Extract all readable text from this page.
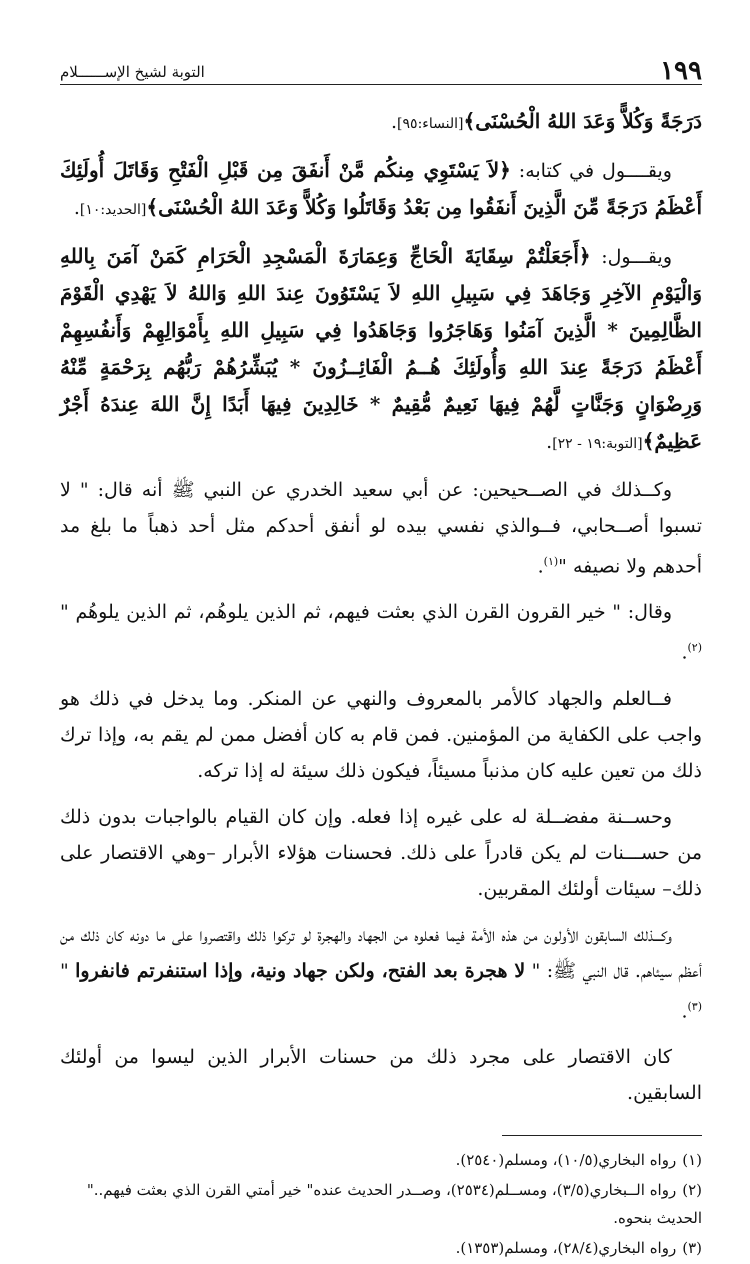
١٩٩
التوبة لشيخ الإســــــلام

دَرَجَةً وَكُلاًّ وَعَدَ اللهُ الْحُسْنَى﴾[النساء:٩٥].

ويقــــول في كتابه: ﴿لاَ يَسْتَوِي مِنكُم مَّنْ أَنفَقَ مِن قَبْلِ الْفَتْحِ وَقَاتَلَ أُولَئِكَ أَعْظَمُ دَرَجَةً مِّنَ الَّذِينَ أَنفَقُوا مِن بَعْدُ وَقَاتَلُوا وَكُلاًّ وَعَدَ اللهُ الْحُسْنَى﴾[الحديد:١٠].

ويقـــول: ﴿أَجَعَلْتُمْ سِقَايَةَ الْحَاجِّ وَعِمَارَةَ الْمَسْجِدِ الْحَرَامِ كَمَنْ آمَنَ بِاللهِ وَالْيَوْمِ الآخِرِ وَجَاهَدَ فِي سَبِيلِ اللهِ لاَ يَسْتَوُونَ عِندَ اللهِ وَاللهُ لاَ يَهْدِي الْقَوْمَ الظَّالِمِينَ * الَّذِينَ آمَنُوا وَهَاجَرُوا وَجَاهَدُوا فِي سَبِيلِ اللهِ بِأَمْوَالِهِمْ وَأَنفُسِهِمْ أَعْظَمُ دَرَجَةً عِندَ اللهِ وَأُولَئِكَ هُــمُ الْفَائِــزُونَ * يُبَشِّرُهُمْ رَبُّهُم بِرَحْمَةٍ مِّنْهُ وَرِضْوَانٍ وَجَنَّاتٍ لَّهُمْ فِيهَا نَعِيمٌ مُّقِيمٌ * خَالِدِينَ فِيهَا أَبَدًا إِنَّ اللهَ عِندَهُ أَجْرٌ عَظِيمٌ﴾[التوبة:١٩ - ٢٢].

وكــذلك في الصــحيحين: عن أبي سعيد الخدري عن النبي ﷺ أنه قال: " لا تسبوا أصــحابي، فــوالذي نفسي بيده لو أنفق أحدكم مثل أحد ذهباً ما بلغ مد أحدهم ولا نصيفه "$^{(١)}$.

وقال: " خير القرون القرن الذي بعثت فيهم، ثم الذين يلوهُم، ثم الذين يلوهُم "$^{(٢)}$.

فــالعلم والجهاد كالأمر بالمعروف والنهي عن المنكر. وما يدخل في ذلك هو واجب على الكفاية من المؤمنين. فمن قام به كان أفضل ممن لم يقم به، وإذا ترك ذلك من تعين عليه كان مذنباً مسيئاً، فيكون ذلك سيئة له إذا تركه.

وحســنة مفضــلة له على غيره إذا فعله. وإن كان القيام بالواجبات بدون ذلك من حســـنات لم يكن قادراً على ذلك. فحسنات هؤلاء الأبرار –وهي الاقتصار على ذلك– سيئات أولئك المقربين.

وكـــذلك السابقون الأولون من هذه الأمة فيما فعلوه من الجهاد والهجرة لو تركوا ذلك واقتصروا على ما دونه كان ذلك من أعظم سيئاهم. قال النبي ﷺ: " لا هجرة بعد الفتح، ولكن جهاد ونية، وإذا استنفرتم فانفروا "$^{(٣)}$.

كان الاقتصار على مجرد ذلك من حسنات الأبرار الذين ليسوا من أولئك السابقين.

(١)رواه البخاري(١٠/٥)، ومسلم(٢٥٤٠).
(٢)رواه الــبخاري(٣/٥)، ومســلم(٢٥٣٤)، وصــدر الحديث عنده" خير أمتي القرن الذي بعثت فيهم.." الحديث بنحوه.
(٣)رواه البخاري(٢٨/٤)، ومسلم(١٣٥٣).
